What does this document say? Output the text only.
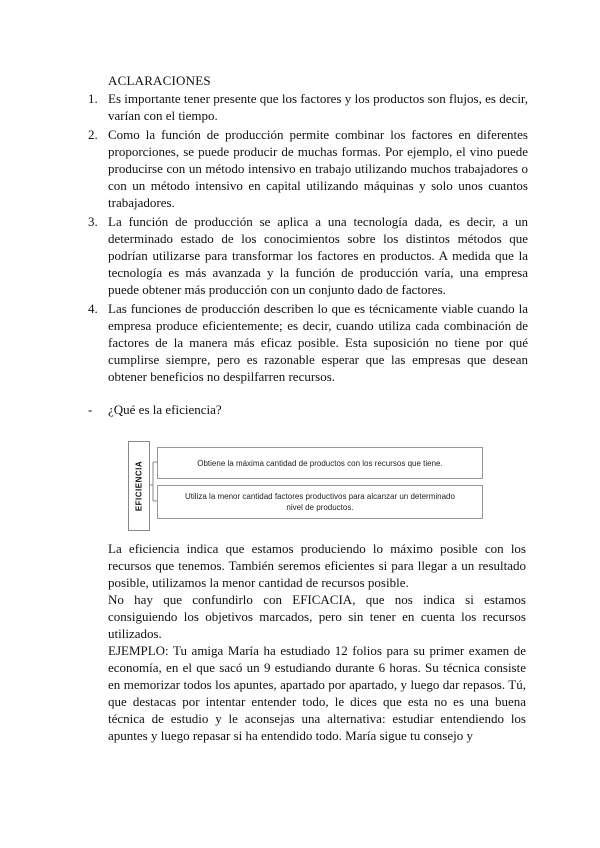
ACLARACIONES
1. Es importante tener presente que los factores y los productos son flujos, es decir, varían con el tiempo.
2. Como la función de producción permite combinar los factores en diferentes proporciones, se puede producir de muchas formas. Por ejemplo, el vino puede producirse con un método intensivo en trabajo utilizando muchos trabajadores o con un método intensivo en capital utilizando máquinas y solo unos cuantos trabajadores.
3. La función de producción se aplica a una tecnología dada, es decir, a un determinado estado de los conocimientos sobre los distintos métodos que podrían utilizarse para transformar los factores en productos. A medida que la tecnología es más avanzada y la función de producción varía, una empresa puede obtener más producción con un conjunto dado de factores.
4. Las funciones de producción describen lo que es técnicamente viable cuando la empresa produce eficientemente; es decir, cuando utiliza cada combinación de factores de la manera más eficaz posible. Esta suposición no tiene por qué cumplirse siempre, pero es razonable esperar que las empresas que desean obtener beneficios no despilfarren recursos.
- ¿Qué es la eficiencia?
EFICIENCIA	Obtiene la máxima cantidad de productos con los recursos que tiene.
Utiliza la menor cantidad factores productivos para alcanzar un determinado nivel de productos.

La eficiencia indica que estamos produciendo lo máximo posible con los recursos que tenemos. También seremos eficientes si para llegar a un resultado posible, utilizamos la menor cantidad de recursos posible.

No hay que confundirlo con EFICACIA, que nos indica si estamos consiguiendo los objetivos marcados, pero sin tener en cuenta los recursos utilizados.

EJEMPLO: Tu amiga María ha estudiado 12 folios para su primer examen de economía, en el que sacó un 9 estudiando durante 6 horas. Su técnica consiste en memorizar todos los apuntes, apartado por apartado, y luego dar repasos. Tú, que destacas por intentar entender todo, le dices que esta no es una buena técnica de estudio y le aconsejas una alternativa: estudiar entendiendo los apuntes y luego repasar si ha entendido todo. María sigue tu consejo y
